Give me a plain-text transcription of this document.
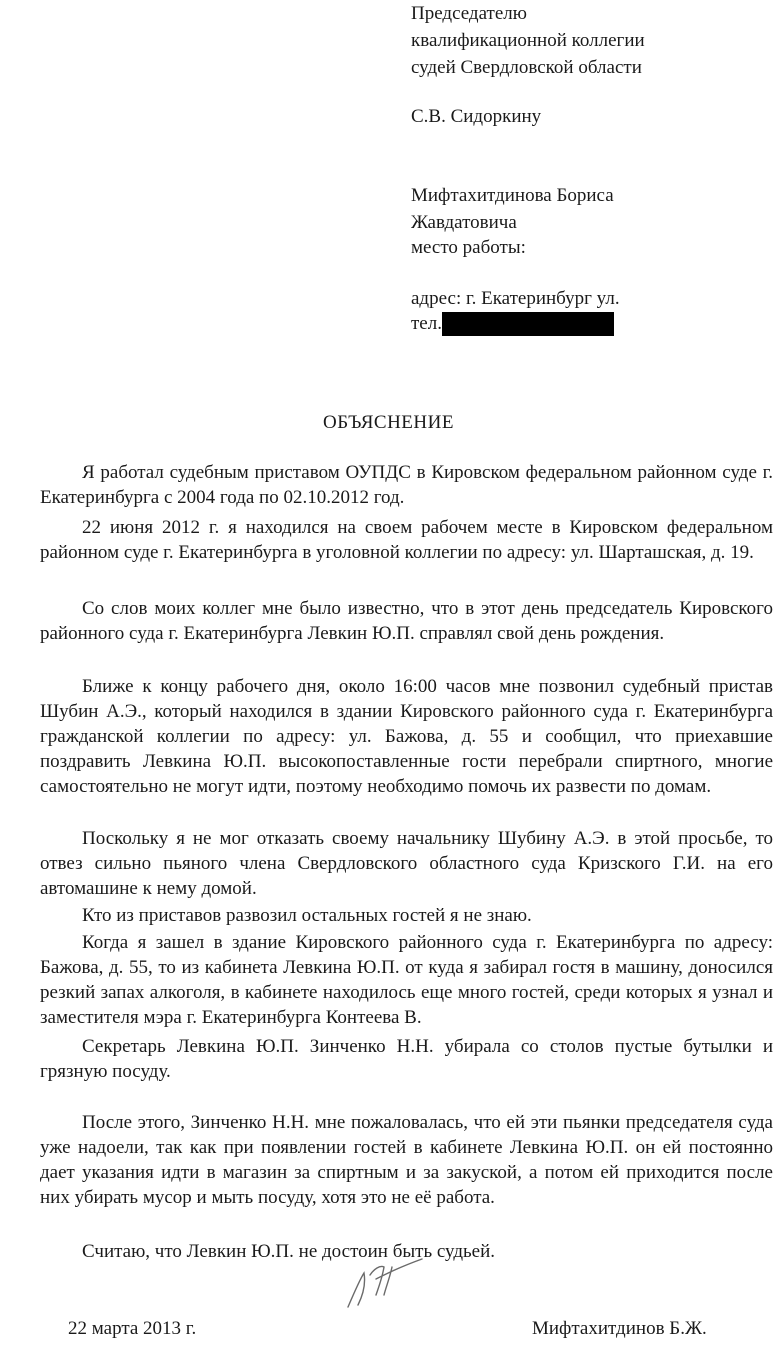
Председателю
квалификационной коллегии
судей Свердловской области
С.В. Сидоркину
Мифтахитдинова Бориса
Жавдатовича
место работы:
адрес: г. Екатеринбург ул.
тел.
ОБЪЯСНЕНИЕ
Я работал судебным приставом ОУПДС в Кировском федеральном районном суде г. Екатеринбурга с 2004 года по 02.10.2012 год.
22 июня 2012 г. я находился на своем рабочем месте в Кировском федеральном районном суде г. Екатеринбурга в уголовной коллегии по адресу: ул. Шарташская, д. 19.
Со слов моих коллег мне было известно, что в этот день председатель Кировского районного суда г. Екатеринбурга Левкин Ю.П. справлял свой день рождения.
Ближе к концу рабочего дня, около 16:00 часов мне позвонил судебный пристав Шубин А.Э., который находился в здании Кировского районного суда г. Екатеринбурга гражданской коллегии по адресу: ул. Бажова, д. 55 и сообщил, что приехавшие поздравить Левкина Ю.П. высокопоставленные гости перебрали спиртного, многие самостоятельно не могут идти, поэтому необходимо помочь их развести по домам.
Поскольку я не мог отказать своему начальнику Шубину А.Э. в этой просьбе, то отвез сильно пьяного члена Свердловского областного суда Кризского Г.И. на его автомашине к нему домой.
Кто из приставов развозил остальных гостей я не знаю.
Когда я зашел в здание Кировского районного суда г. Екатеринбурга по адресу: Бажова, д. 55, то из кабинета Левкина Ю.П. от куда я забирал гостя в машину, доносился резкий запах алкоголя, в кабинете находилось еще много гостей, среди которых я узнал и заместителя мэра г. Екатеринбурга Контеева В.
Секретарь Левкина Ю.П. Зинченко Н.Н. убирала со столов пустые бутылки и грязную посуду.
После этого, Зинченко Н.Н. мне пожаловалась, что ей эти пьянки председателя суда уже надоели, так как при появлении гостей в кабинете Левкина Ю.П. он ей постоянно дает указания идти в магазин за спиртным и за закуской, а потом ей приходится после них убирать мусор и мыть посуду, хотя это не её работа.
Считаю, что Левкин Ю.П. не достоин быть судьей.
22 марта 2013 г.	Мифтахитдинов Б.Ж.
